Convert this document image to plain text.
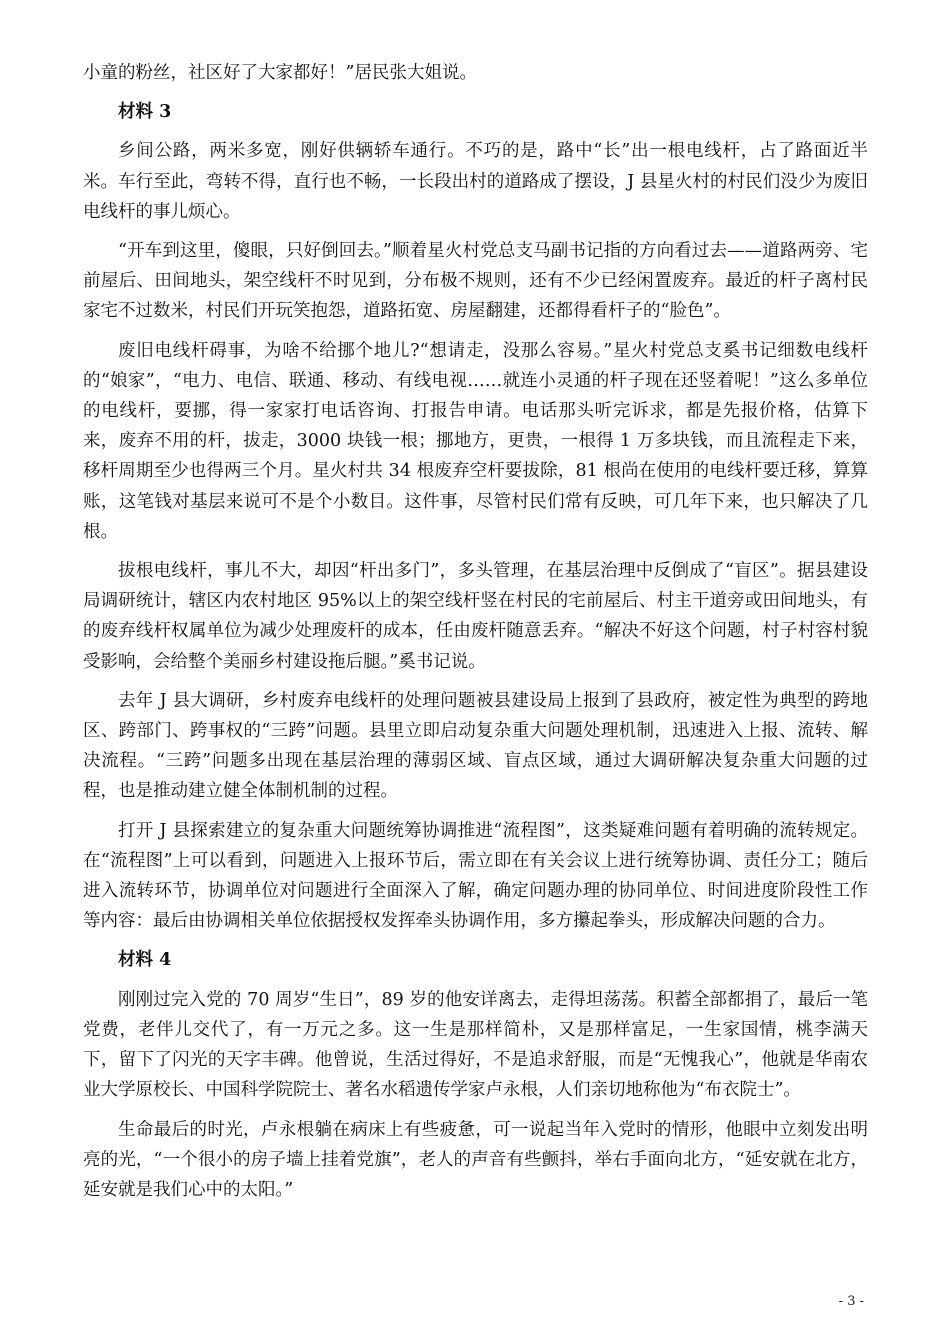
小童的粉丝，社区好了大家都好！”居民张大姐说。

材料 3

乡间公路，两米多宽，刚好供辆轿车通行。不巧的是，路中“长”出一根电线杆，占了路面近半米。车行至此，弯转不得，直行也不畅，一长段出村的道路成了摆设，J 县星火村的村民们没少为废旧电线杆的事儿烦心。

“开车到这里，傻眼，只好倒回去。”顺着星火村党总支马副书记指的方向看过去——道路两旁、宅前屋后、田间地头，架空线杆不时见到，分布极不规则，还有不少已经闲置废弃。最近的杆子离村民家宅不过数米，村民们开玩笑抱怨，道路拓宽、房屋翻建，还都得看杆子的“脸色”。

废旧电线杆碍事，为啥不给挪个地儿?“想请走，没那么容易。”星火村党总支奚书记细数电线杆的“娘家”，“电力、电信、联通、移动、有线电视……就连小灵通的杆子现在还竖着呢！”这么多单位的电线杆，要挪，得一家家打电话咨询、打报告申请。电话那头听完诉求，都是先报价格，估算下来，废弃不用的杆，拔走，3000 块钱一根；挪地方，更贵，一根得 1 万多块钱，而且流程走下来，移杆周期至少也得两三个月。星火村共 34 根废弃空杆要拔除，81 根尚在使用的电线杆要迁移，算算账，这笔钱对基层来说可不是个小数目。这件事，尽管村民们常有反映，可几年下来，也只解决了几根。

拔根电线杆，事儿不大，却因“杆出多门”，多头管理，在基层治理中反倒成了“盲区”。据县建设局调研统计，辖区内农村地区 95%以上的架空线杆竖在村民的宅前屋后、村主干道旁或田间地头，有的废弃线杆权属单位为减少处理废杆的成本，任由废杆随意丢弃。“解决不好这个问题，村子村容村貌受影响，会给整个美丽乡村建设拖后腿。”奚书记说。

去年 J 县大调研，乡村废弃电线杆的处理问题被县建设局上报到了县政府，被定性为典型的跨地区、跨部门、跨事权的“三跨”问题。县里立即启动复杂重大问题处理机制，迅速进入上报、流转、解决流程。“三跨”问题多出现在基层治理的薄弱区域、盲点区域，通过大调研解决复杂重大问题的过程，也是推动建立健全体制机制的过程。

打开 J 县探索建立的复杂重大问题统筹协调推进“流程图”，这类疑难问题有着明确的流转规定。在“流程图”上可以看到，问题进入上报环节后，需立即在有关会议上进行统筹协调、责任分工；随后进入流转环节，协调单位对问题进行全面深入了解，确定问题办理的协同单位、时间进度阶段性工作等内容：最后由协调相关单位依据授权发挥牵头协调作用，多方攥起拳头，形成解决问题的合力。

材料 4

刚刚过完入党的 70 周岁“生日”，89 岁的他安详离去，走得坦荡荡。积蓄全部都捐了，最后一笔党费，老伴儿交代了，有一万元之多。这一生是那样简朴，又是那样富足，一生家国情，桃李满天下，留下了闪光的天字丰碑。他曾说，生活过得好，不是追求舒服，而是“无愧我心”，他就是华南农业大学原校长、中国科学院院士、著名水稻遗传学家卢永根，人们亲切地称他为“布衣院士”。

生命最后的时光，卢永根躺在病床上有些疲惫，可一说起当年入党时的情形，他眼中立刻发出明亮的光，“一个很小的房子墙上挂着党旗”，老人的声音有些颤抖，举右手面向北方，“延安就在北方，延安就是我们心中的太阳。”

- 3 -
